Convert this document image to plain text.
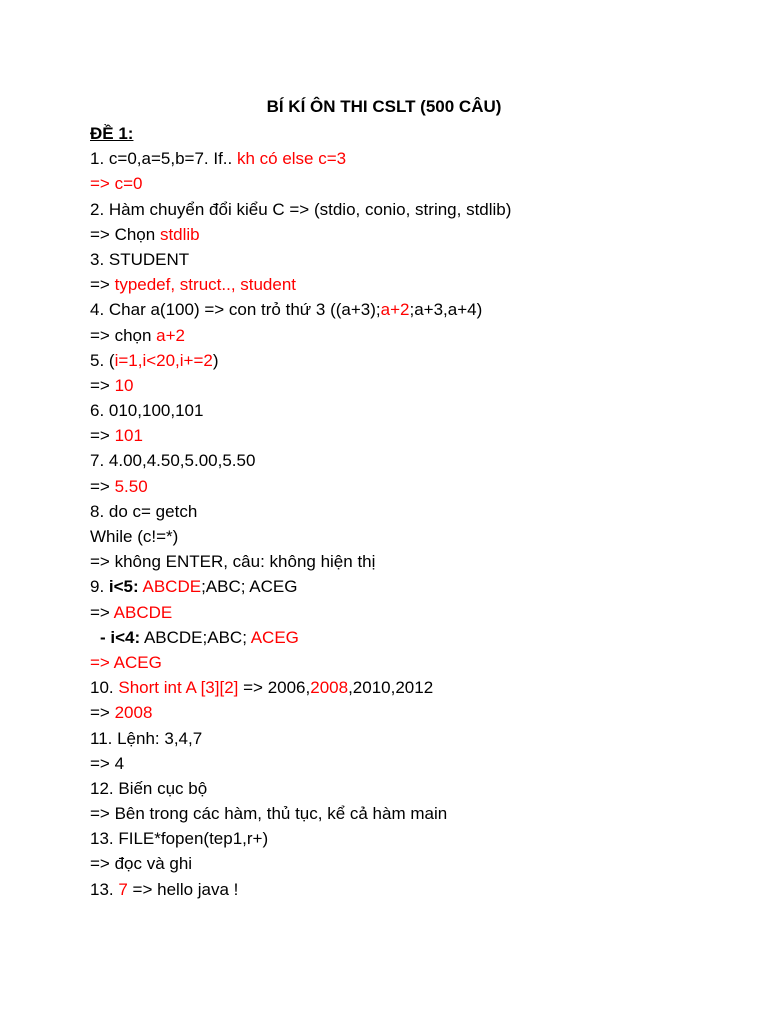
BÍ KÍ ÔN THI CSLT (500 CÂU)
ĐỀ 1:
1. c=0,a=5,b=7. If.. kh có else c=3
=> c=0
2. Hàm chuyển đổi kiểu C => (stdio, conio, string, stdlib)
=> Chọn stdlib
3. STUDENT
=> typedef, struct.., student
4. Char a(100) => con trỏ thứ 3 ((a+3);a+2;a+3,a+4)
=> chọn a+2
5. (i=1,i<20,i+=2)
=> 10
6. 010,100,101
=> 101
7. 4.00,4.50,5.00,5.50
=> 5.50
8. do c= getch
While (c!=*)
=> không ENTER, câu: không hiện thị
9. i<5: ABCDE;ABC; ACEG
=> ABCDE
- i<4: ABCDE;ABC; ACEG
=> ACEG
10. Short int A [3][2] => 2006,2008,2010,2012
=> 2008
11. Lệnh: 3,4,7
=> 4
12. Biến cục bộ
=> Bên trong các hàm, thủ tục, kể cả hàm main
13. FILE*fopen(tep1,r+)
=> đọc và ghi
13. 7 => hello java !
